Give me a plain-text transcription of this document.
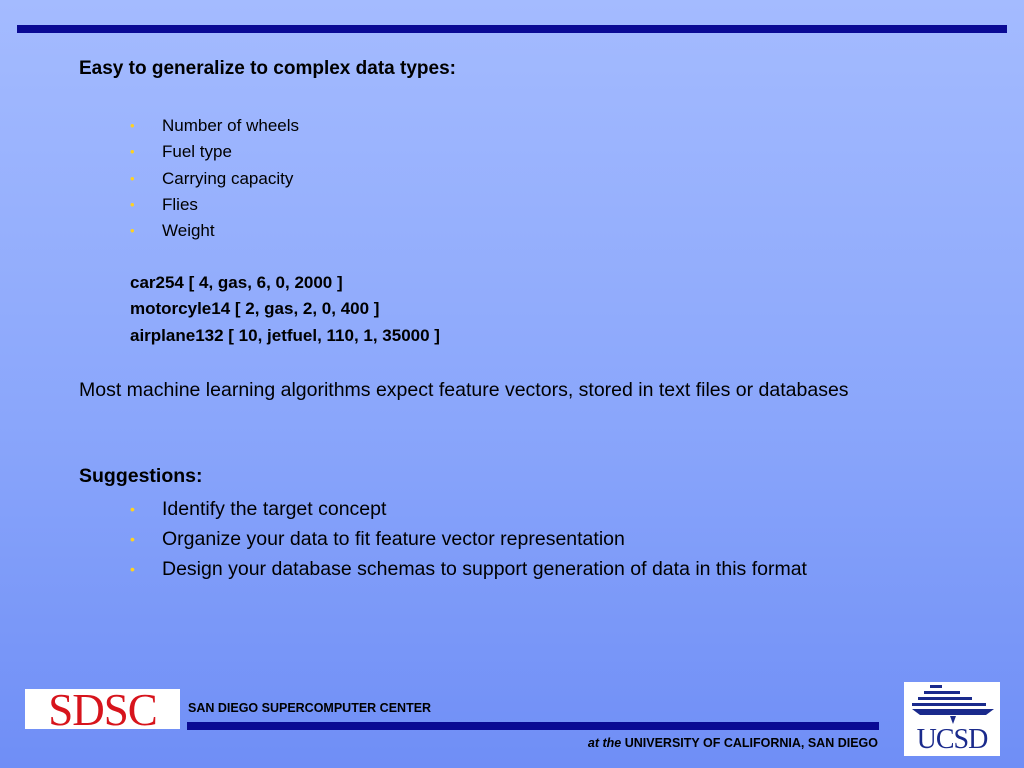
Easy to generalize to complex data types:
• Number of wheels
• Fuel type
• Carrying capacity
• Flies
• Weight
car254 [ 4, gas, 6, 0, 2000 ]
motorcyle14 [ 2, gas, 2, 0, 400 ]
airplane132 [ 10, jetfuel, 110, 1, 35000 ]

Most machine learning algorithms expect feature vectors, stored in text files or databases

Suggestions:

• Identify the target concept
• Organize your data to fit feature vector representation
• Design your database schemas to support generation of data in this format
SDSC	SAN DIEGO SUPERCOMPUTER CENTER
at the UNIVERSITY OF CALIFORNIA, SAN DIEGO	UCSD
